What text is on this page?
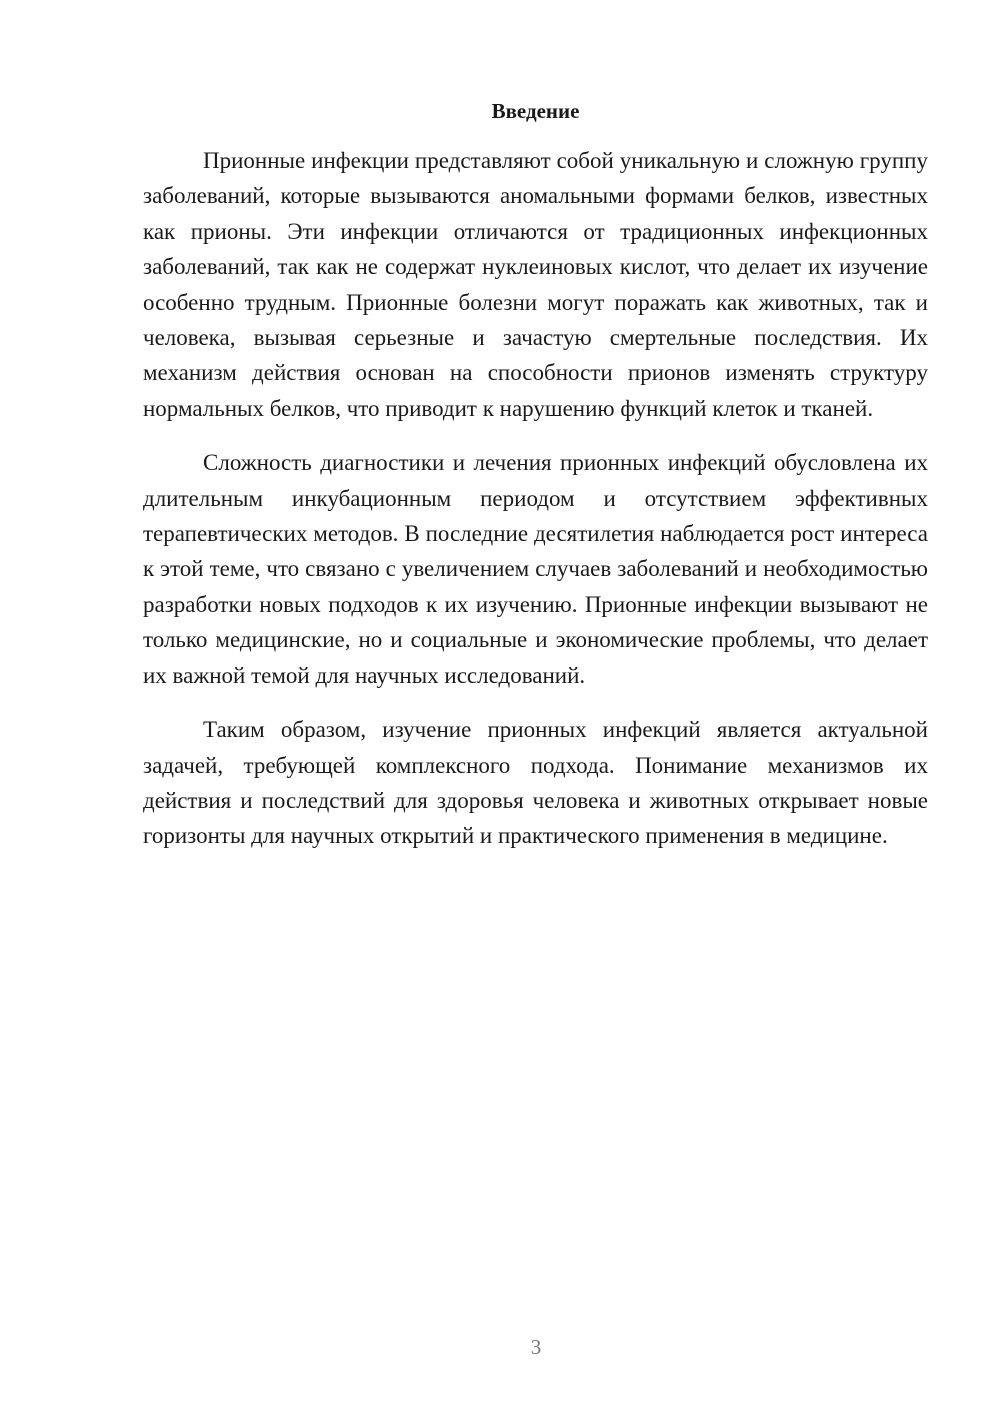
Введение

Прионные инфекции представляют собой уникальную и сложную группу заболеваний, которые вызываются аномальными формами белков, известных как прионы. Эти инфекции отличаются от традиционных инфекционных заболеваний, так как не содержат нуклеиновых кислот, что делает их изучение особенно трудным. Прионные болезни могут поражать как животных, так и человека, вызывая серьезные и зачастую смертельные последствия. Их механизм действия основан на способности прионов изменять структуру нормальных белков, что приводит к нарушению функций клеток и тканей.

Сложность диагностики и лечения прионных инфекций обусловлена их длительным инкубационным периодом и отсутствием эффективных терапевтических методов. В последние десятилетия наблюдается рост интереса к этой теме, что связано с увеличением случаев заболеваний и необходимостью разработки новых подходов к их изучению. Прионные инфекции вызывают не только медицинские, но и социальные и экономические проблемы, что делает их важной темой для научных исследований.

Таким образом, изучение прионных инфекций является актуальной задачей, требующей комплексного подхода. Понимание механизмов их действия и последствий для здоровья человека и животных открывает новые горизонты для научных открытий и практического применения в медицине.

3
